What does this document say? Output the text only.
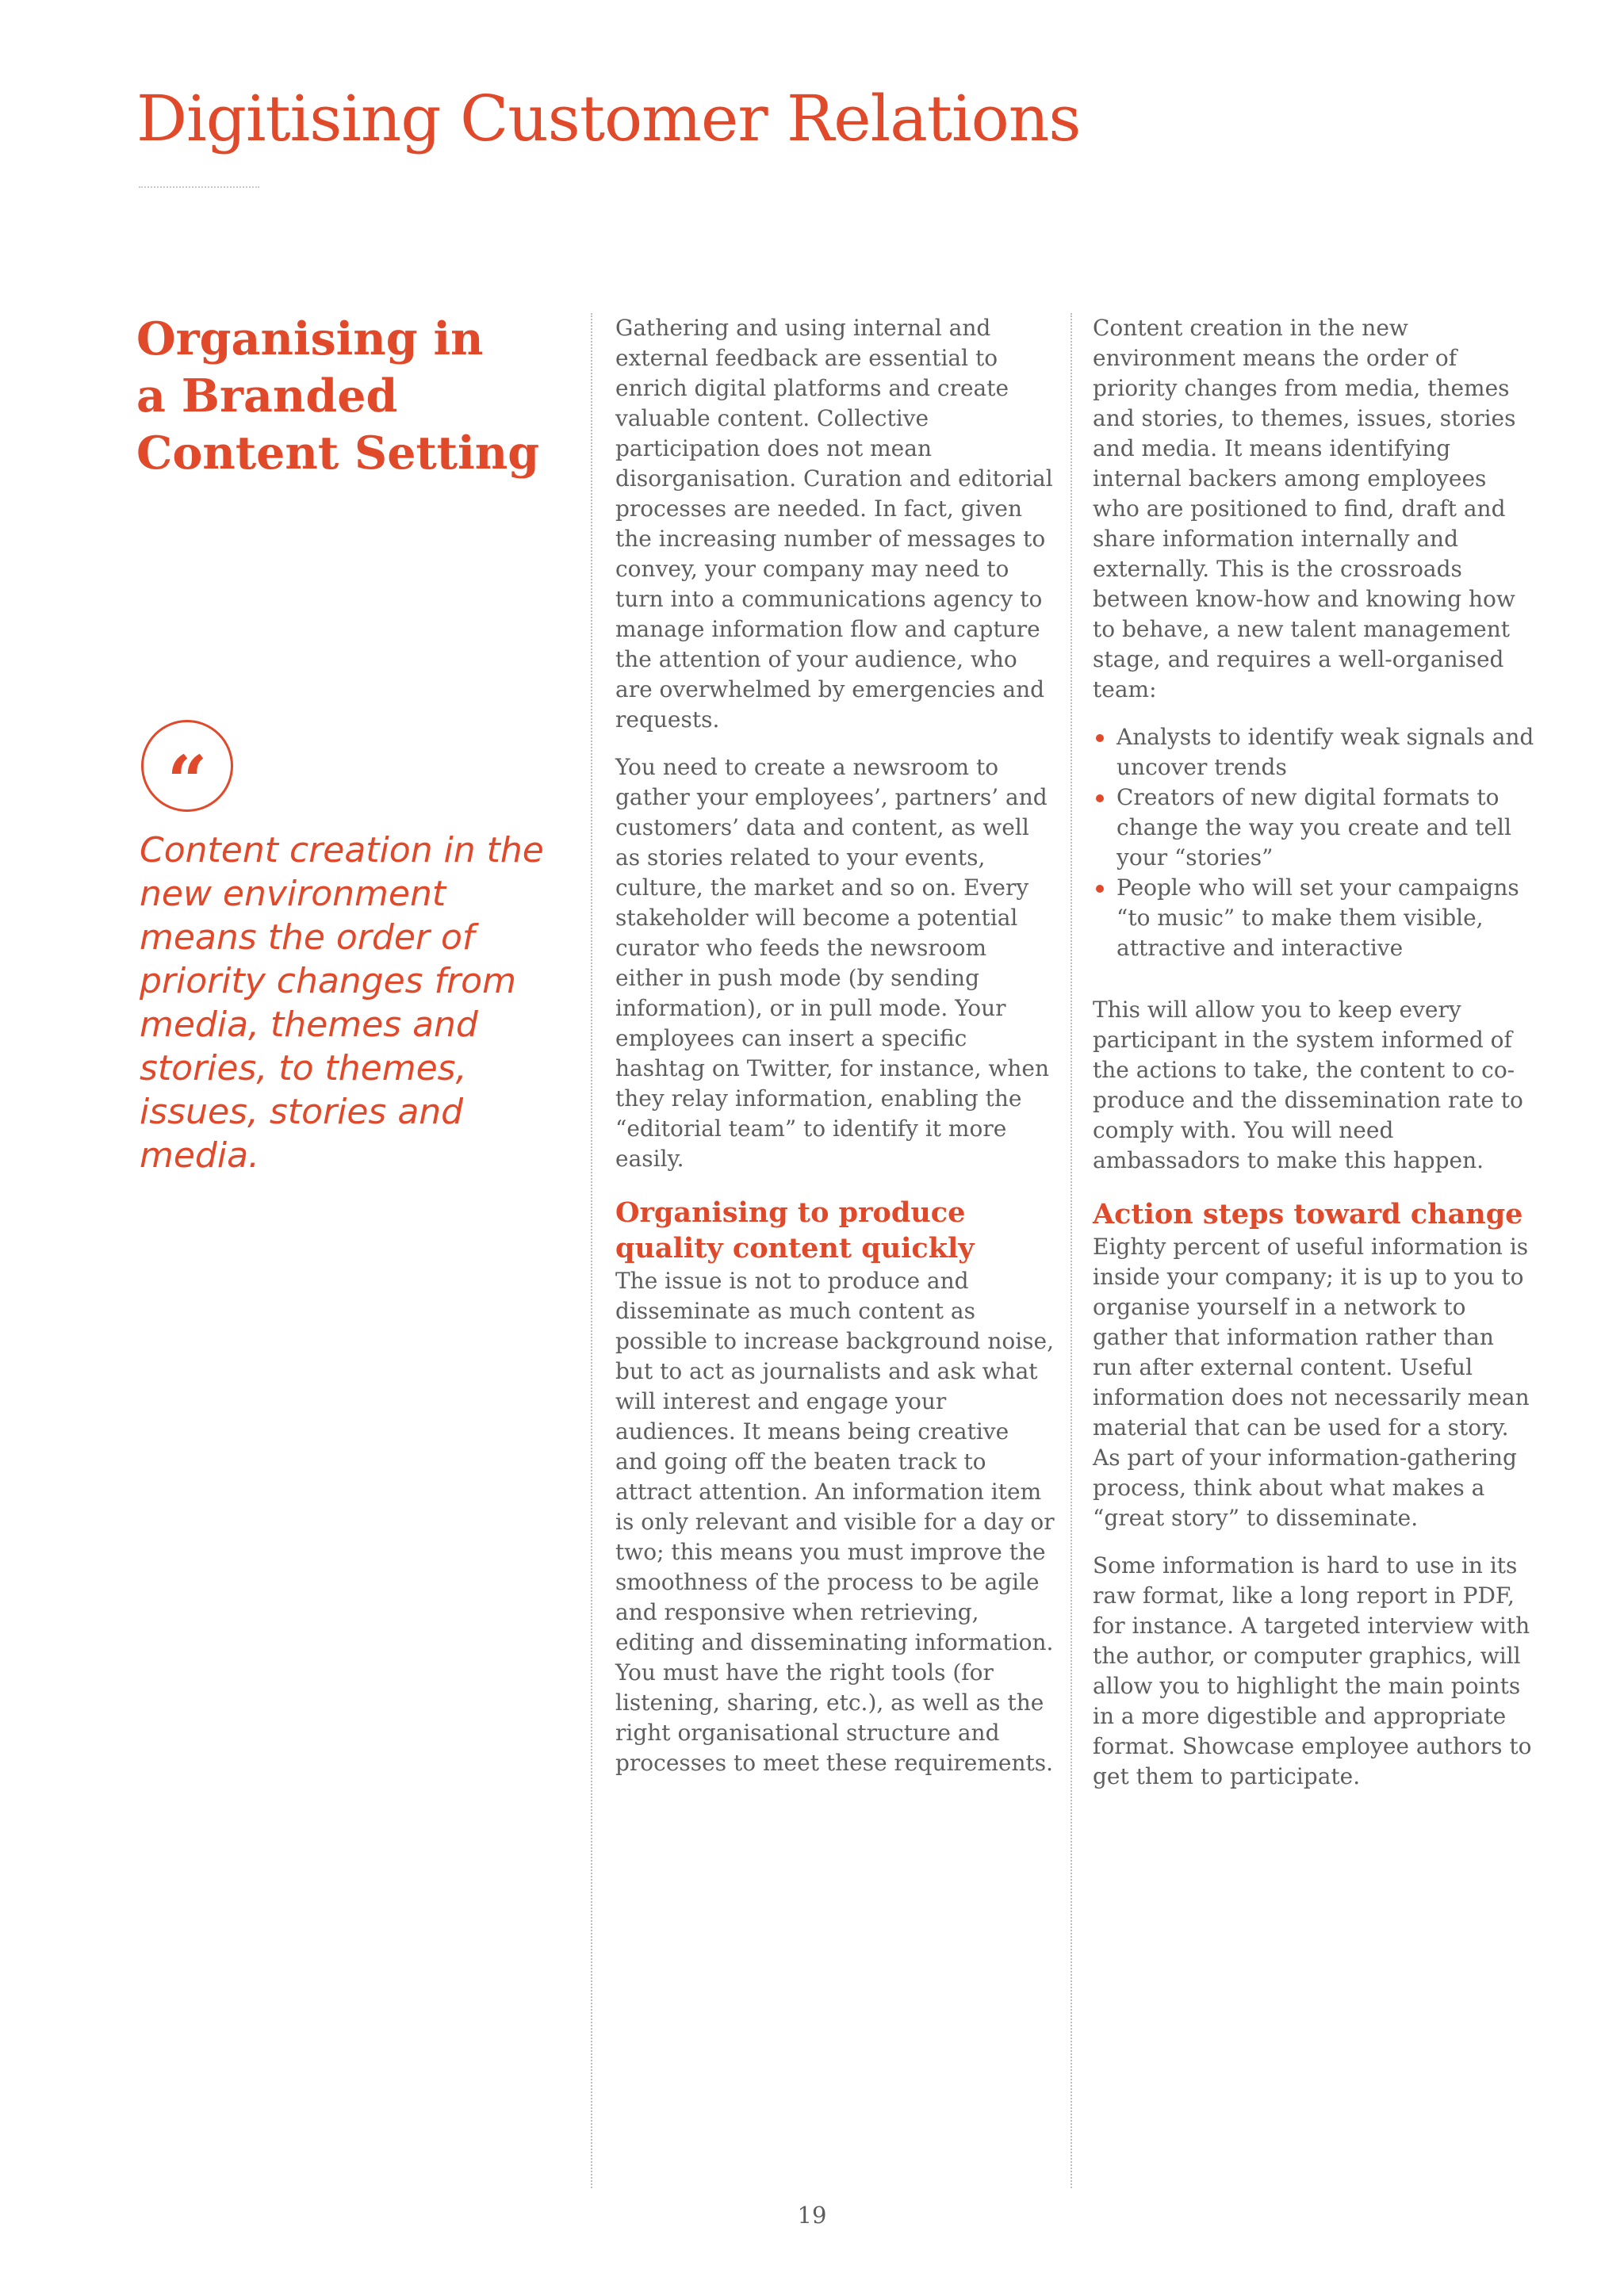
Digitising Customer Relations
Organising in
a Branded
Content Setting
“

Content creation in the new environment means the order of priority changes from media, themes and stories, to themes, issues, stories and media.

Gathering and using internal and external feedback are essential to enrich digital platforms and create valuable content. Collective participation does not mean disorganisation. Curation and editorial processes are needed. In fact, given the increasing number of messages to convey, your company may need to turn into a communications agency to manage information flow and capture the attention of your audience, who are overwhelmed by emergencies and requests.

You need to create a newsroom to gather your employees’, partners’ and customers’ data and content, as well as stories related to your events, culture, the market and so on. Every stakeholder will become a potential curator who feeds the newsroom either in push mode (by sending information), or in pull mode. Your employees can insert a specific hashtag on Twitter, for instance, when they relay information, enabling the “editorial team” to identify it more easily.

Organising to produce quality content quickly

The issue is not to produce and disseminate as much content as possible to increase background noise, but to act as journalists and ask what will interest and engage your audiences. It means being creative and going off the beaten track to attract attention. An information item is only relevant and visible for a day or two; this means you must improve the smoothness of the process to be agile and responsive when retrieving, editing and disseminating information. You must have the right tools (for listening, sharing, etc.), as well as the right organisational structure and processes to meet these requirements.

Content creation in the new environment means the order of priority changes from media, themes and stories, to themes, issues, stories and media. It means identifying internal backers among employees who are positioned to find, draft and share information internally and externally. This is the crossroads between know-how and knowing how to behave, a new talent management stage, and requires a well-organised team:

Analysts to identify weak signals and uncover trends
Creators of new digital formats to change the way you create and tell your “stories”
People who will set your campaigns “to music” to make them visible, attractive and interactive

This will allow you to keep every participant in the system informed of the actions to take, the content to co-produce and the dissemination rate to comply with. You will need ambassadors to make this happen.

Action steps toward change

Eighty percent of useful information is inside your company; it is up to you to organise yourself in a network to gather that information rather than run after external content. Useful information does not necessarily mean material that can be used for a story. As part of your information-gathering process, think about what makes a “great story” to disseminate.

Some information is hard to use in its raw format, like a long report in PDF, for instance. A targeted interview with the author, or computer graphics, will allow you to highlight the main points in a more digestible and appropriate format. Showcase employee authors to get them to participate.

19
